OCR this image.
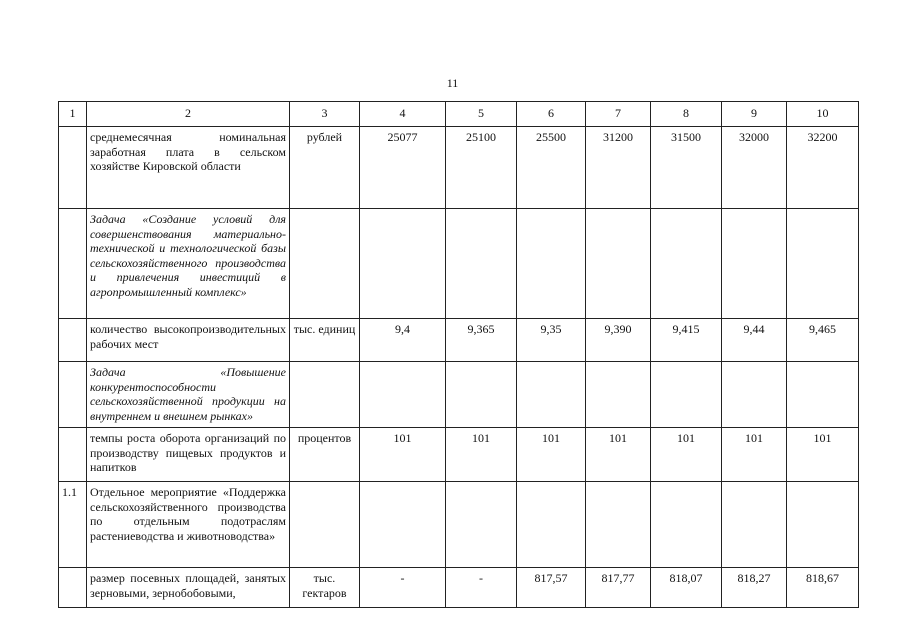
11
1	2	3	4	5	6	7	8	9	10
	среднемесячная номинальная заработная плата в сельском хозяйстве Кировской области	рублей	25077	25100	25500	31200	31500	32000	32200
	Задача «Создание условий для совершенствования материально-технической и технологической базы сельскохозяйственного производства и привлечения инвестиций в агропромышленный комплекс»								
	количество высокопроизводительных рабочих мест	тыс. единиц	9,4	9,365	9,35	9,390	9,415	9,44	9,465
	Задача «Повышение конкурентоспособности сельскохозяйственной продукции на внутреннем и внешнем рынках»								
	темпы роста оборота организаций по производству пищевых продуктов и напитков	процентов	101	101	101	101	101	101	101
1.1	Отдельное мероприятие «Поддержка сельскохозяйственного производства по отдельным подотраслям растениеводства и животноводства»								
	размер посевных площадей, занятых зерновыми, зернобобовыми,	тыс. гектаров	-	-	817,57	817,77	818,07	818,27	818,67
